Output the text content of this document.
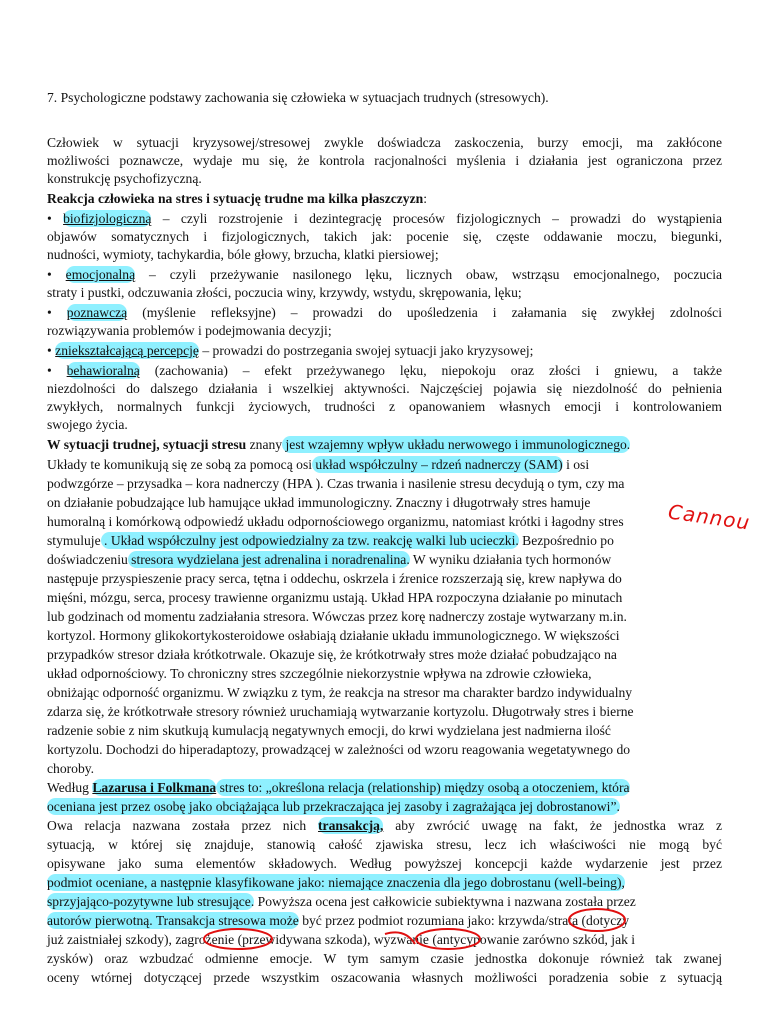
7. Psychologiczne podstawy zachowania się człowieka w sytuacjach trudnych (stresowych).
Człowiek w sytuacji kryzysowej/stresowej zwykle doświadcza zaskoczenia, burzy emocji, ma zakłócone
możliwości poznawcze, wydaje mu się, że kontrola racjonalności myślenia i działania jest ograniczona przez
konstrukcję psychofizyczną.
Reakcja człowieka na stres i sytuację trudne ma kilka płaszczyzn:
• biofizjologiczną – czyli rozstrojenie i dezintegrację procesów fizjologicznych – prowadzi do wystąpienia
objawów somatycznych i fizjologicznych, takich jak: pocenie się, częste oddawanie moczu, biegunki,
nudności, wymioty, tachykardia, bóle głowy, brzucha, klatki piersiowej;
• emocjonalną – czyli przeżywanie nasilonego lęku, licznych obaw, wstrząsu emocjonalnego, poczucia
straty i pustki, odczuwania złości, poczucia winy, krzywdy, wstydu, skrępowania, lęku;
• poznawczą (myślenie refleksyjne) – prowadzi do upośledzenia i załamania się zwykłej zdolności
rozwiązywania problemów i podejmowania decyzji;
• zniekształcającą percepcję – prowadzi do postrzegania swojej sytuacji jako kryzysowej;
• behawioralną (zachowania) – efekt przeżywanego lęku, niepokoju oraz złości i gniewu, a także
niezdolności do dalszego działania i wszelkiej aktywności. Najczęściej pojawia się niezdolność do pełnienia
zwykłych, normalnych funkcji życiowych, trudności z opanowaniem własnych emocji i kontrolowaniem
swojego życia.
W sytuacji trudnej, sytuacji stresu znany jest wzajemny wpływ układu nerwowego i immunologicznego.
Układy te komunikują się ze sobą za pomocą osi układ współczulny – rdzeń nadnerczy (SAM) i osi
podwzgórze – przysadka – kora nadnerczy (HPA ). Czas trwania i nasilenie stresu decydują o tym, czy ma
on działanie pobudzające lub hamujące układ immunologiczny. Znaczny i długotrwały stres hamuje
humoralną i komórkową odpowiedź układu odpornościowego organizmu, natomiast krótki i łagodny stres
stymuluje . Układ współczulny jest odpowiedzialny za tzw. reakcję walki lub ucieczki. Bezpośrednio po
doświadczeniu stresora wydzielana jest adrenalina i noradrenalina. W wyniku działania tych hormonów
następuje przyspieszenie pracy serca, tętna i oddechu, oskrzela i źrenice rozszerzają się, krew napływa do
mięśni, mózgu, serca, procesy trawienne organizmu ustają. Układ HPA rozpoczyna działanie po minutach
lub godzinach od momentu zadziałania stresora. Wówczas przez korę nadnerczy zostaje wytwarzany m.in.
kortyzol. Hormony glikokortykosteroidowe osłabiają działanie układu immunologicznego. W większości
przypadków stresor działa krótkotrwale. Okazuje się, że krótkotrwały stres może działać pobudzająco na
układ odpornościowy. To chroniczny stres szczególnie niekorzystnie wpływa na zdrowie człowieka,
obniżając odporność organizmu. W związku z tym, że reakcja na stresor ma charakter bardzo indywidualny
zdarza się, że krótkotrwałe stresory również uruchamiają wytwarzanie kortyzolu. Długotrwały stres i bierne
radzenie sobie z nim skutkują kumulacją negatywnych emocji, do krwi wydzielana jest nadmierna ilość
kortyzolu. Dochodzi do hiperadaptozy, prowadzącej w zależności od wzoru reagowania wegetatywnego do
choroby.
Według Lazarusa i Folkmana stres to: „określona relacja (relationship) między osobą a otoczeniem, która
oceniana jest przez osobę jako obciążająca lub przekraczająca jej zasoby i zagrażająca jej dobrostanowi”.
Owa relacja nazwana została przez nich transakcją, aby zwrócić uwagę na fakt, że jednostka wraz z
sytuacją, w której się znajduje, stanowią całość zjawiska stresu, lecz ich właściwości nie mogą być
opisywane jako suma elementów składowych. Według powyższej koncepcji każde wydarzenie jest przez
podmiot oceniane, a następnie klasyfikowane jako: niemające znaczenia dla jego dobrostanu (well-being),
sprzyjająco-pozytywne lub stresujące. Powyższa ocena jest całkowicie subiektywna i nazwana została przez
autorów pierwotną. Transakcja stresowa może być przez podmiot rozumiana jako: krzywda/strata (dotyczy
już zaistniałej szkody), zagrożenie (przewidywana szkoda), wyzwanie (antycypowanie zarówno szkód, jak i
zysków) oraz wzbudzać odmienne emocje. W tym samym czasie jednostka dokonuje również tak zwanej
oceny wtórnej dotyczącej przede wszystkim oszacowania własnych możliwości poradzenia sobie z sytuacją
Cannou
